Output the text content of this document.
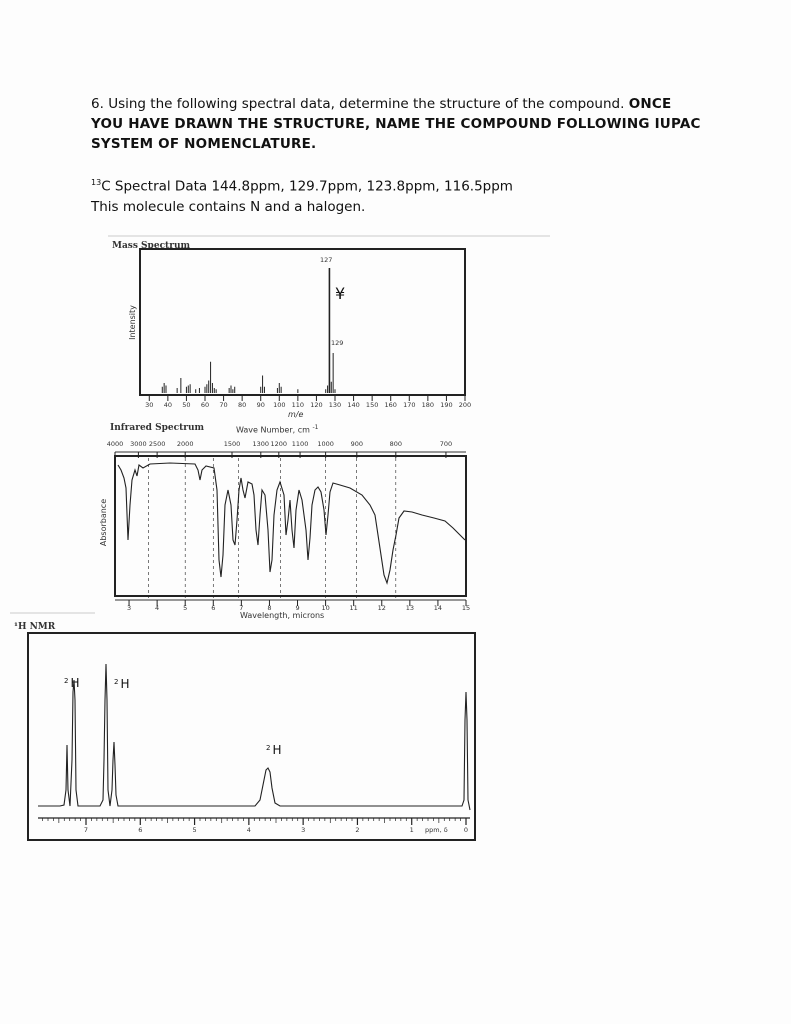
6. Using the following spectral data, determine the structure of the compound. ONCE
YOU HAVE DRAWN THE STRUCTURE, NAME THE COMPOUND FOLLOWING IUPAC
SYSTEM OF NOMENCLATURE.
$^{13}$C Spectral Data 144.8ppm, 129.7ppm, 123.8ppm, 116.5ppm
This molecule contains N and a halogen.
Mass Spectrum
Intensity
m/e
127
129
¥
30 40 50 60 70 80 90 100 110 120 130 140 150 160 170 180 190 200
Infrared Spectrum	Wave Number, cm $^{-1}$
Absorbance
Wavelength, microns
4000 3000 2500 2000	1500 1300 1200 1100 1000	900	800	700
3	4	5	6	7	8	9	10	11	12	13	14	15
¹H NMR
$^2$ H	$^2$ H
$^2$ H
ppm, δ
7	6	5	4	3	2	1	0
